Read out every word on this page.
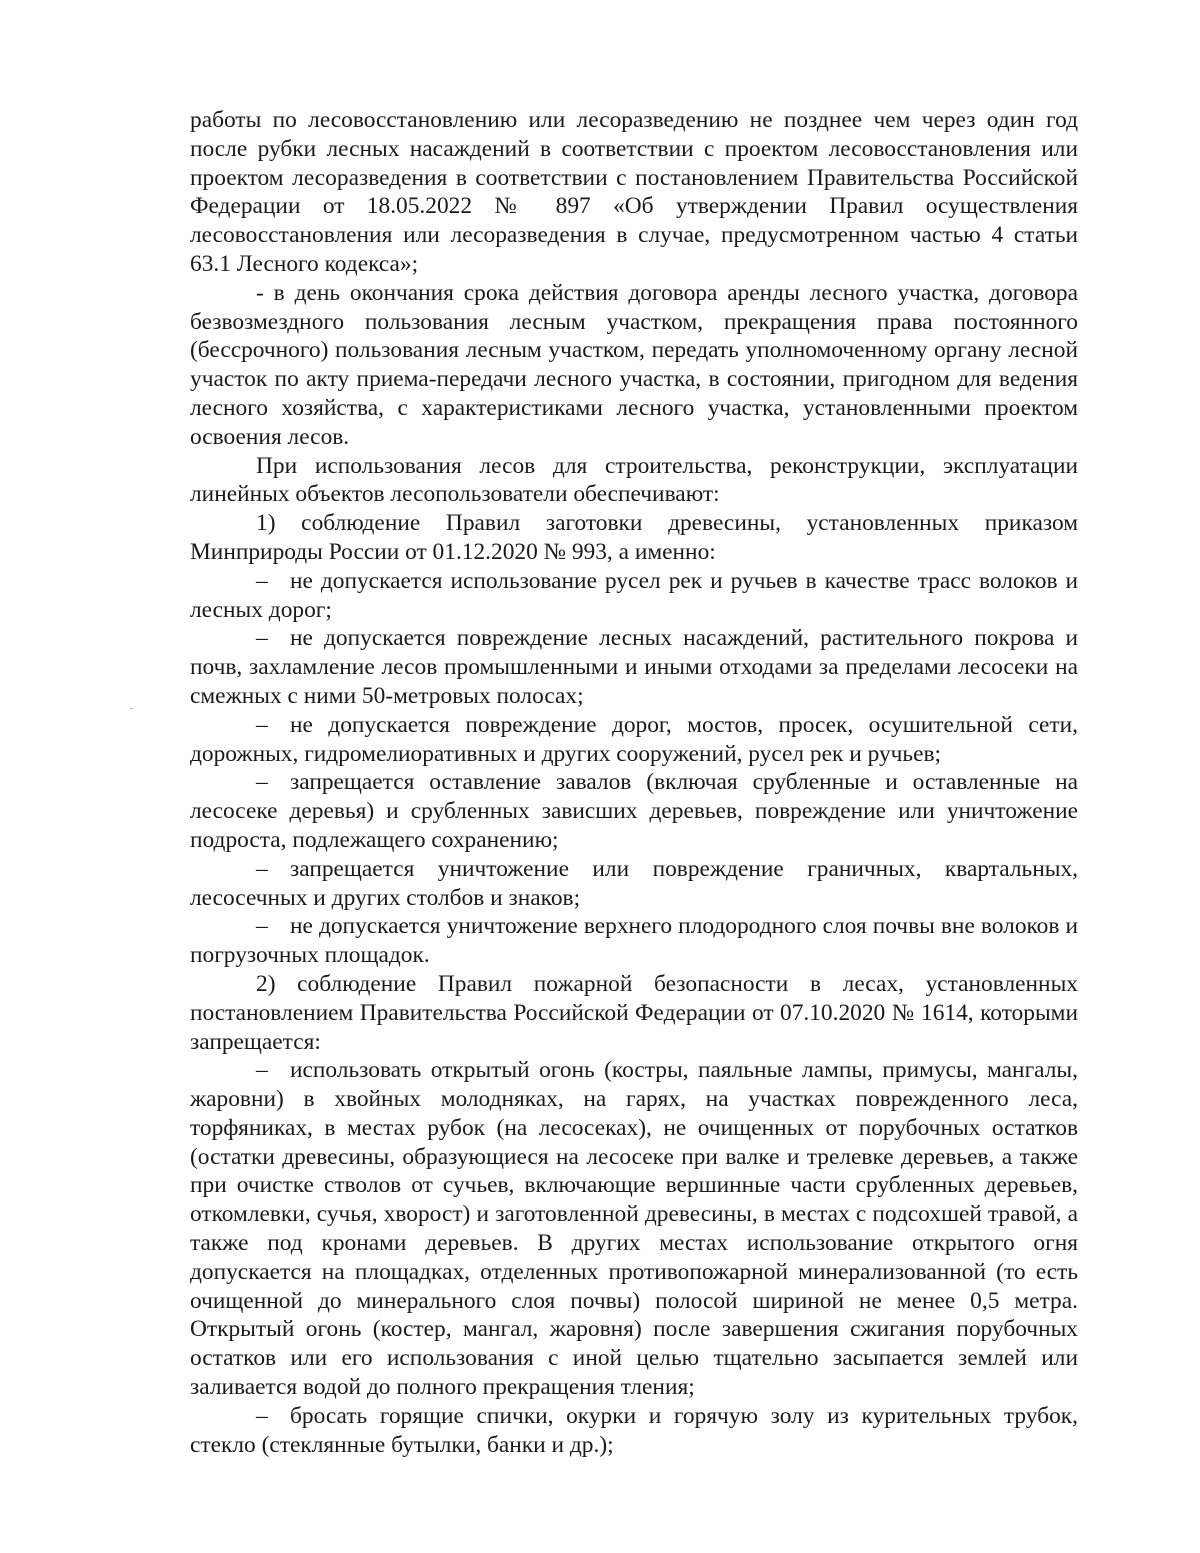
работы по лесовосстановлению или лесоразведению не позднее чем через один год после рубки лесных насаждений в соответствии с проектом лесовосстановления или проектом лесоразведения в соответствии с постановлением Правительства Российской Федерации от 18.05.2022 № 897 «Об утверждении Правил осуществления лесовосстановления или лесоразведения в случае, предусмотренном частью 4 статьи 63.1 Лесного кодекса»;

- в день окончания срока действия договора аренды лесного участка, договора безвозмездного пользования лесным участком, прекращения права постоянного (бессрочного) пользования лесным участком, передать уполномоченному органу лесной участок по акту приема-передачи лесного участка, в состоянии, пригодном для ведения лесного хозяйства, с характеристиками лесного участка, установленными проектом освоения лесов.

При использования лесов для строительства, реконструкции, эксплуатации линейных объектов лесопользователи обеспечивают:

1) соблюдение Правил заготовки древесины, установленных приказом Минприроды России от 01.12.2020 № 993, а именно:

– не допускается использование русел рек и ручьев в качестве трасс волоков и лесных дорог;

– не допускается повреждение лесных насаждений, растительного покрова и почв, захламление лесов промышленными и иными отходами за пределами лесосеки на смежных с ними 50-метровых полосах;

– не допускается повреждение дорог, мостов, просек, осушительной сети, дорожных, гидромелиоративных и других сооружений, русел рек и ручьев;

– запрещается оставление завалов (включая срубленные и оставленные на лесосеке деревья) и срубленных зависших деревьев, повреждение или уничтожение подроста, подлежащего сохранению;

– запрещается уничтожение или повреждение граничных, квартальных, лесосечных и других столбов и знаков;

– не допускается уничтожение верхнего плодородного слоя почвы вне волоков и погрузочных площадок.

2) соблюдение Правил пожарной безопасности в лесах, установленных постановлением Правительства Российской Федерации от 07.10.2020 № 1614, которыми запрещается:

– использовать открытый огонь (костры, паяльные лампы, примусы, мангалы, жаровни) в хвойных молодняках, на гарях, на участках поврежденного леса, торфяниках, в местах рубок (на лесосеках), не очищенных от порубочных остатков (остатки древесины, образующиеся на лесосеке при валке и трелевке деревьев, а также при очистке стволов от сучьев, включающие вершинные части срубленных деревьев, откомлевки, сучья, хворост) и заготовленной древесины, в местах с подсохшей травой, а также под кронами деревьев. В других местах использование открытого огня допускается на площадках, отделенных противопожарной минерализованной (то есть очищенной до минерального слоя почвы) полосой шириной не менее 0,5 метра. Открытый огонь (костер, мангал, жаровня) после завершения сжигания порубочных остатков или его использования с иной целью тщательно засыпается землей или заливается водой до полного прекращения тления;

– бросать горящие спички, окурки и горячую золу из курительных трубок, стекло (стеклянные бутылки, банки и др.);
